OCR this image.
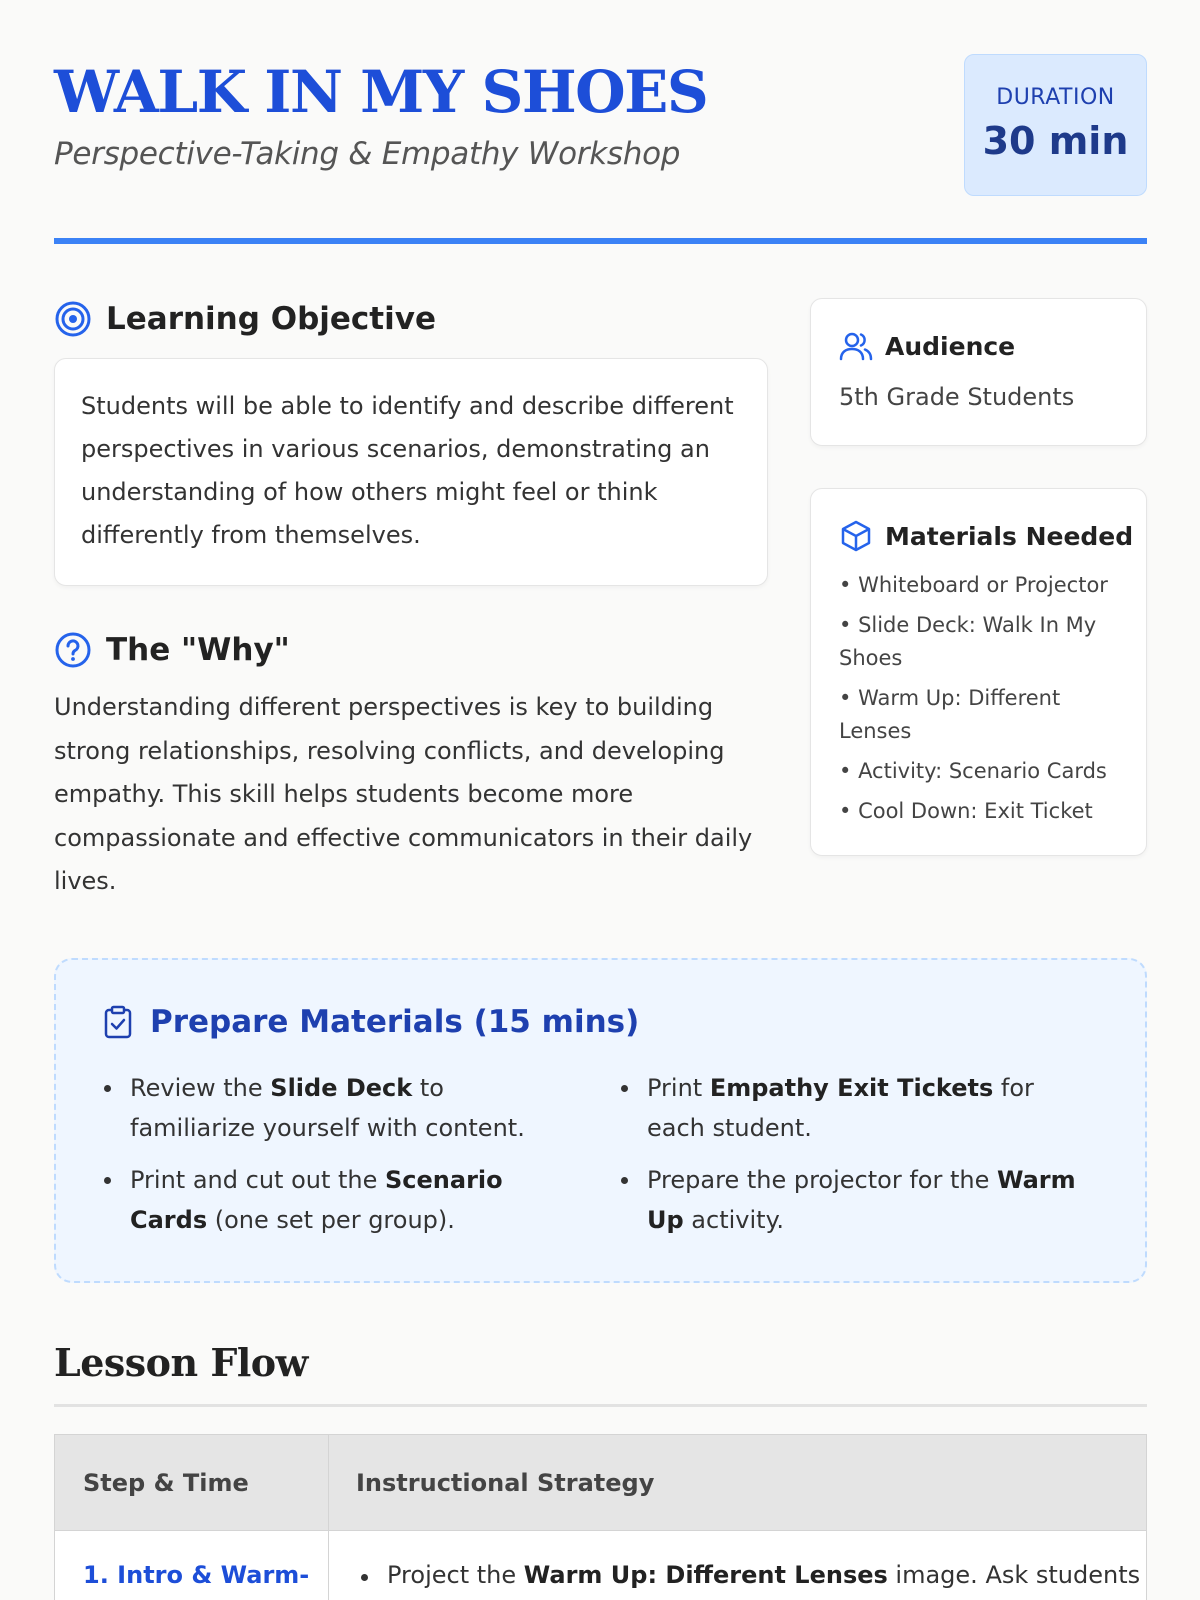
WALK IN MY SHOES
Perspective-Taking & Empathy Workshop
DURATION
30 min
Learning Objective
Students will be able to identify and describe different perspectives in various scenarios, demonstrating an understanding of how others might feel or think differently from themselves.
The "Why"
Understanding different perspectives is key to building strong relationships, resolving conflicts, and developing empathy. This skill helps students become more compassionate and effective communicators in their daily lives.
Audience
5th Grade Students
Materials Needed
• Whiteboard or Projector
• Slide Deck: Walk In My Shoes
• Warm Up: Different Lenses
• Activity: Scenario Cards
• Cool Down: Exit Ticket
Prepare Materials (15 mins)
Review the Slide Deck to familiarize yourself with content.
Print and cut out the Scenario Cards (one set per group).
Print Empathy Exit Tickets for each student.
Prepare the projector for the Warm Up activity.
Lesson Flow
Step & Time	Instructional Strategy
1. Intro & Warm-	Project the Warm Up: Different Lenses image. Ask students
